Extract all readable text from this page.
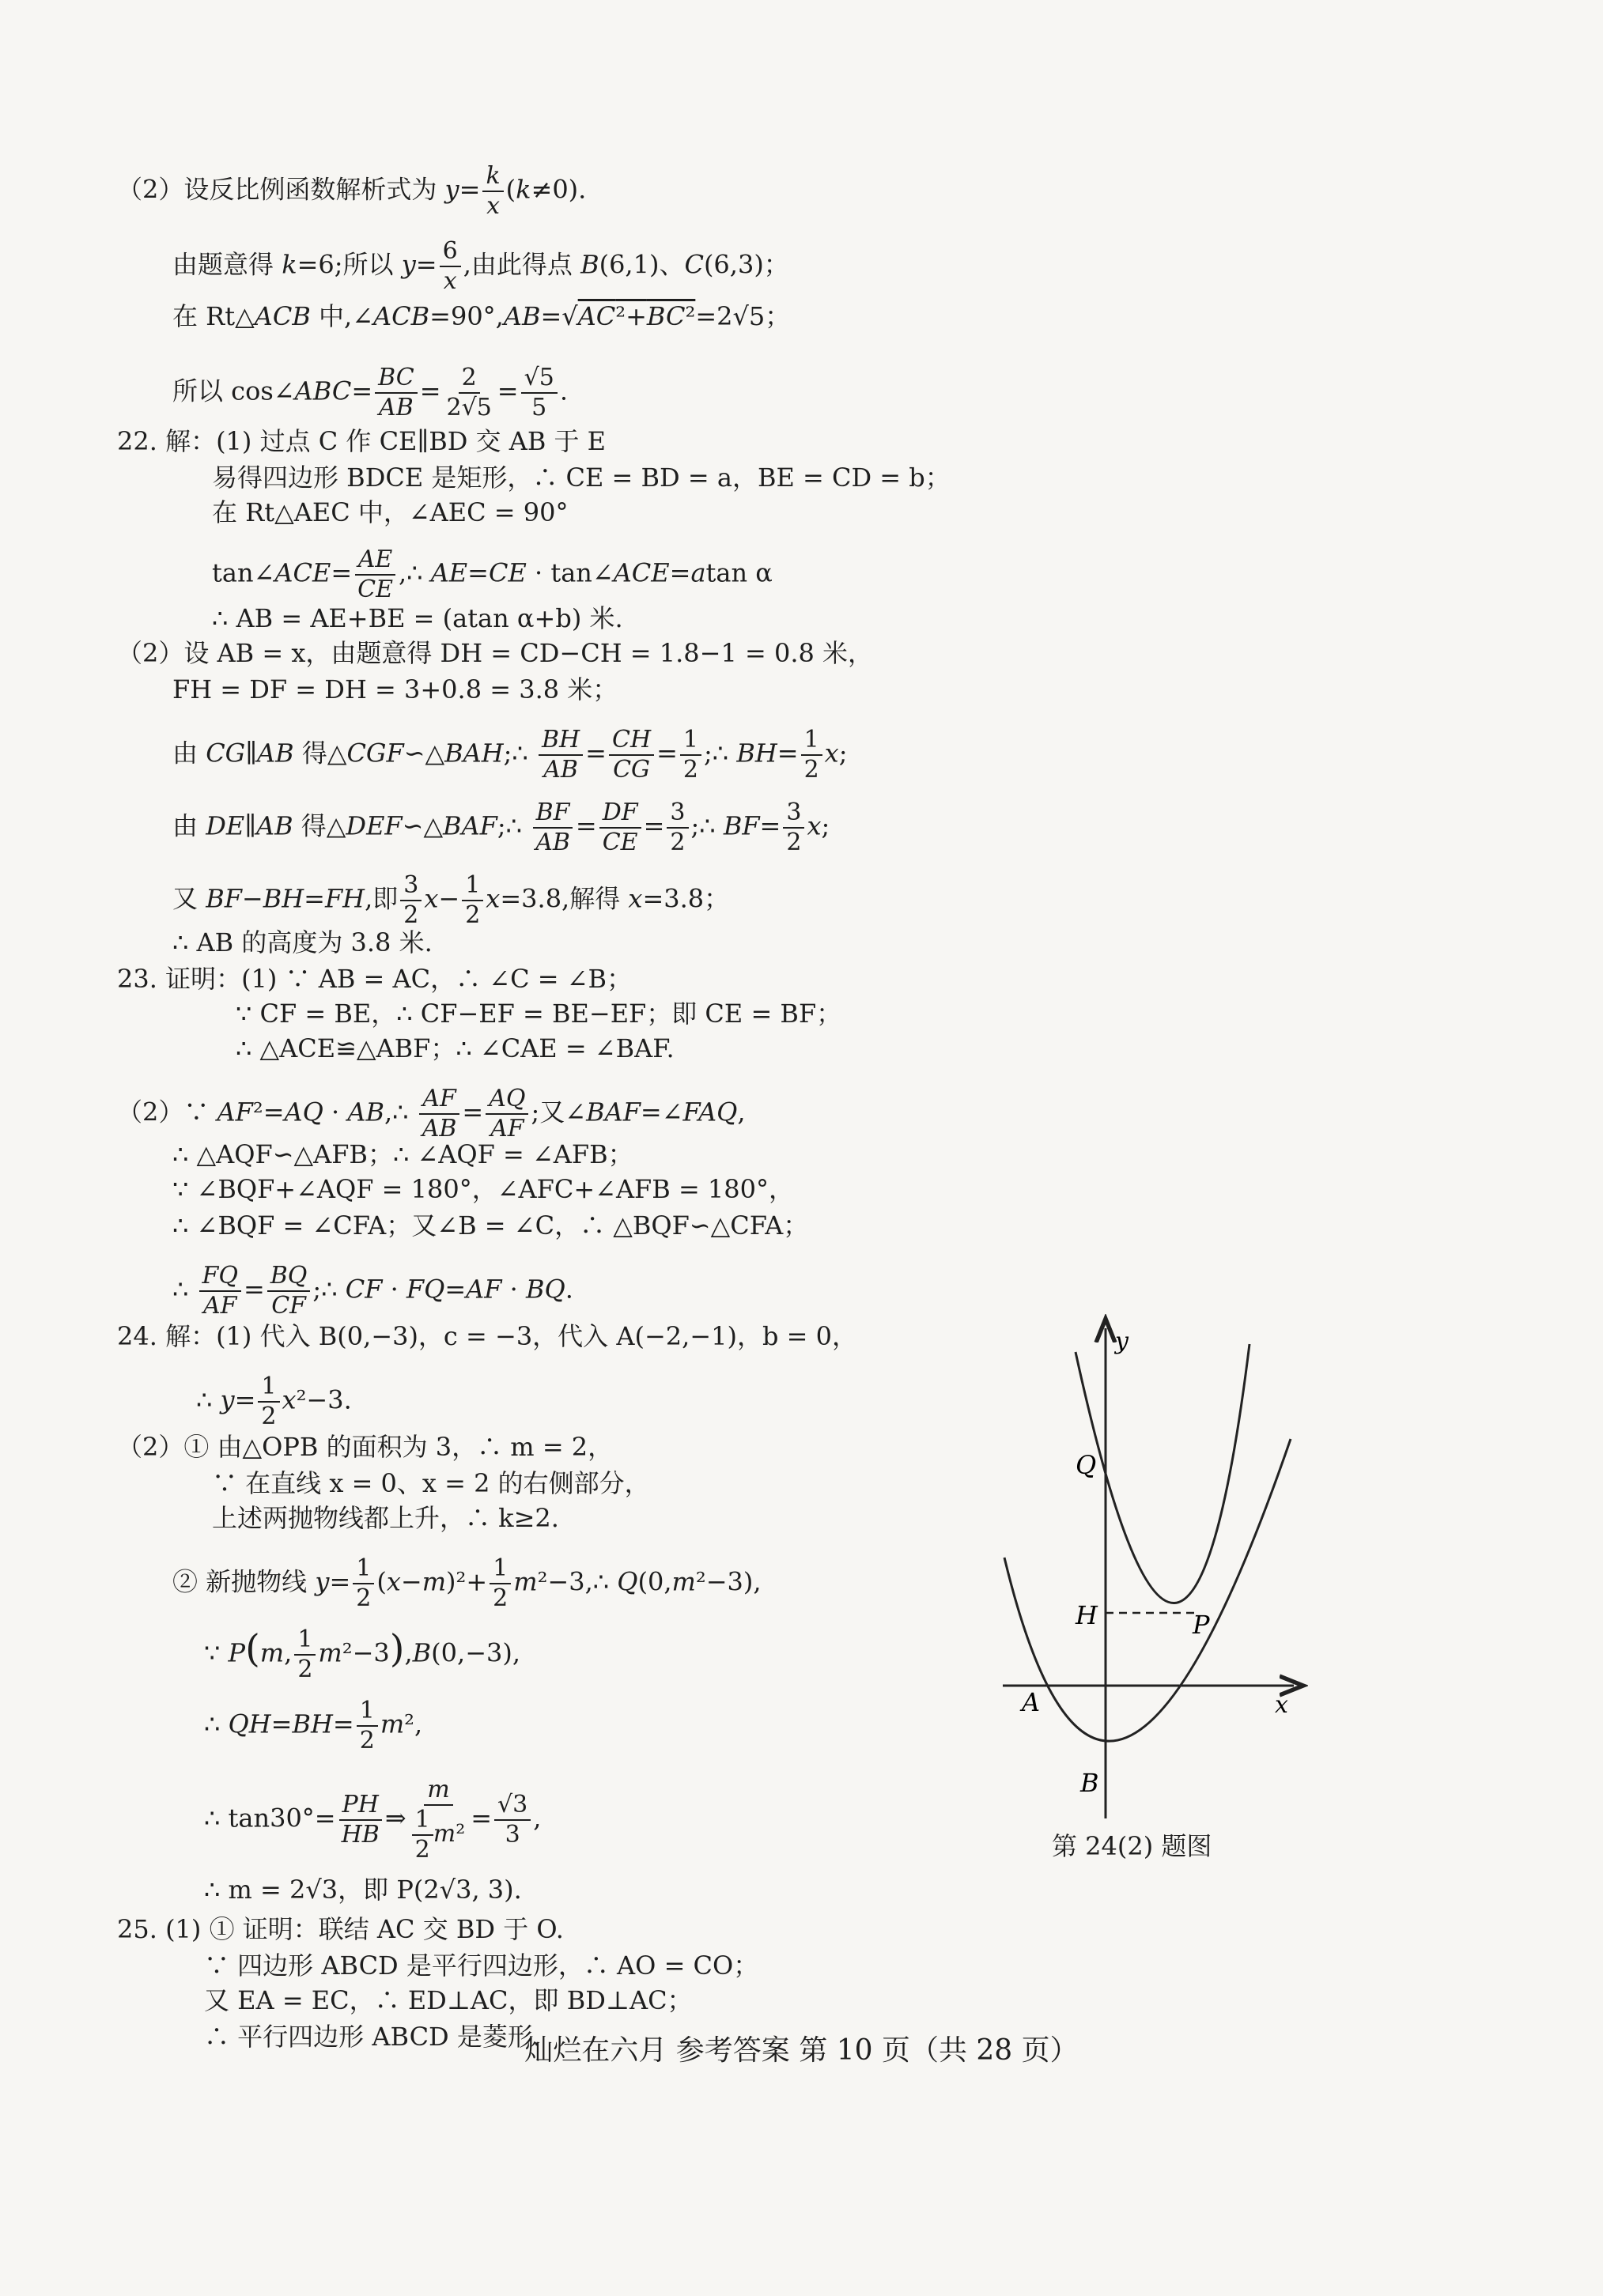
（2）设反比例函数解析式为 $y= \frac{k}{x} (k\ne 0)$.
由题意得 k=6;所以 $y= \frac{6}{x}$ ,由此得点 B(6,1)、C(6,3)；
在 Rt△ACB 中,∠ACB=90°,AB=√AC²+BC²=2√5；
所以 cos∠ABC= $\frac{BC}{AB} = \frac{2}{2√5} = \frac{√5}{5}$ .
22. 解：(1) 过点 C 作 CE∥BD 交 AB 于 E
易得四边形 BDCE 是矩形，∴ CE = BD = a，BE = CD = b；
在 Rt△AEC 中，∠AEC = 90°
tan∠ACE= $\frac{AE}{CE}$ ,∴ AE=CE · tan∠ACE=atan α
∴ AB = AE+BE = (atan α+b) 米.
（2）设 AB = x，由题意得 DH = CD−CH = 1.8−1 = 0.8 米，
FH = DF = DH = 3+0.8 = 3.8 米；
由 CG∥AB 得△CGF∽△BAH;∴ $\frac{BH}{AB} = \frac{CH}{CG} = \frac{1}{2}$ ;∴ $BH= \frac{1}{2} x$;
由 DE∥AB 得△DEF∽△BAF;∴ $\frac{BF}{AB} = \frac{DF}{CE} = \frac{3}{2}$ ;∴ $BF= \frac{3}{2} x$;
又 BF−BH=FH,即 $\frac{3}{2} x- \frac{1}{2} x=3.8$,解得 x=3.8；
∴ AB 的高度为 3.8 米.
23. 证明：(1) ∵ AB = AC，∴ ∠C = ∠B；
∵ CF = BE，∴ CF−EF = BE−EF；即 CE = BF；
∴ △ACE≌△ABF；∴ ∠CAE = ∠BAF.
（2）∵ AF²=AQ · AB,∴ $\frac{AF}{AB} = \frac{AQ}{AF}$ ;又∠BAF=∠FAQ,
∴ △AQF∽△AFB；∴ ∠AQF = ∠AFB；
∵ ∠BQF+∠AQF = 180°，∠AFC+∠AFB = 180°，
∴ ∠BQF = ∠CFA；又∠B = ∠C，∴ △BQF∽△CFA；
∴ $\frac{FQ}{AF} = \frac{BQ}{CF}$ ;∴ CF · FQ=AF · BQ.
24. 解：(1) 代入 B(0,−3)，c = −3，代入 A(−2,−1)，b = 0，
∴ $y= \frac{1}{2} x^2-3$.
（2）① 由△OPB 的面积为 3，∴ m = 2，
∵ 在直线 x = 0、x = 2 的右侧部分，
上述两抛物线都上升，∴ k≥2.
② 新抛物线 $y= \frac{1}{2} (x-m)^2+ \frac{1}{2}$ m²−3,∴ Q(0,m²−3),
∵ P(m, $\frac{1}{2} m^2-3),B(0,-3)$,
∴ $QH=BH= \frac{1}{2} m^2$,
∴ $\tan 30^\circ= \frac{PH}{HB}$ ⇒ $\frac{m}{\frac{1}{2} m^2} = \frac{√3}{3}$ ,
∴ m = 2√3，即 P(2√3, 3).
25. (1) ① 证明：联结 AC 交 BD 于 O.
∵ 四边形 ABCD 是平行四边形，∴ AO = CO；
又 EA = EC，∴ ED⊥AC，即 BD⊥AC；
∴ 平行四边形 ABCD 是菱形.
y
Q
H	P
A	x
B
第 24(2) 题图
灿烂在六月 参考答案 第 10 页（共 28 页）
